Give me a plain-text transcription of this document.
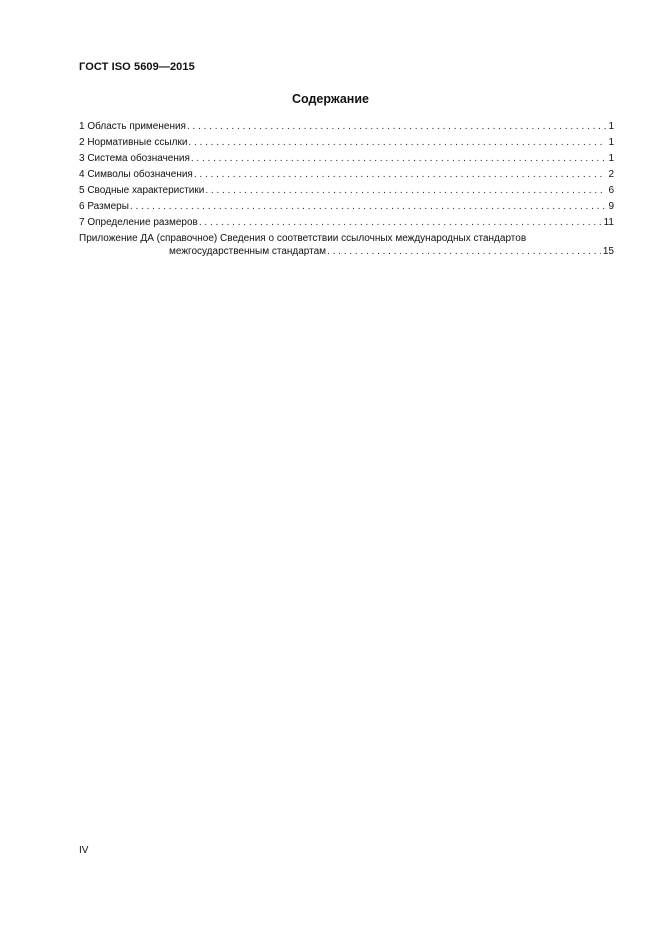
ГОСТ ISO 5609—2015
Содержание
1 Область применения . . .	1
2 Нормативные ссылки . . .	1
3 Система обозначения . . .	1
4 Символы обозначения . . .	2
5 Сводные характеристики . . .	6
6 Размеры . . .	9
7 Определение размеров . . .	11
Приложение ДА (справочное) Сведения о соответствии ссылочных международных стандартов
межгосударственным стандартам . . .	15
IV
